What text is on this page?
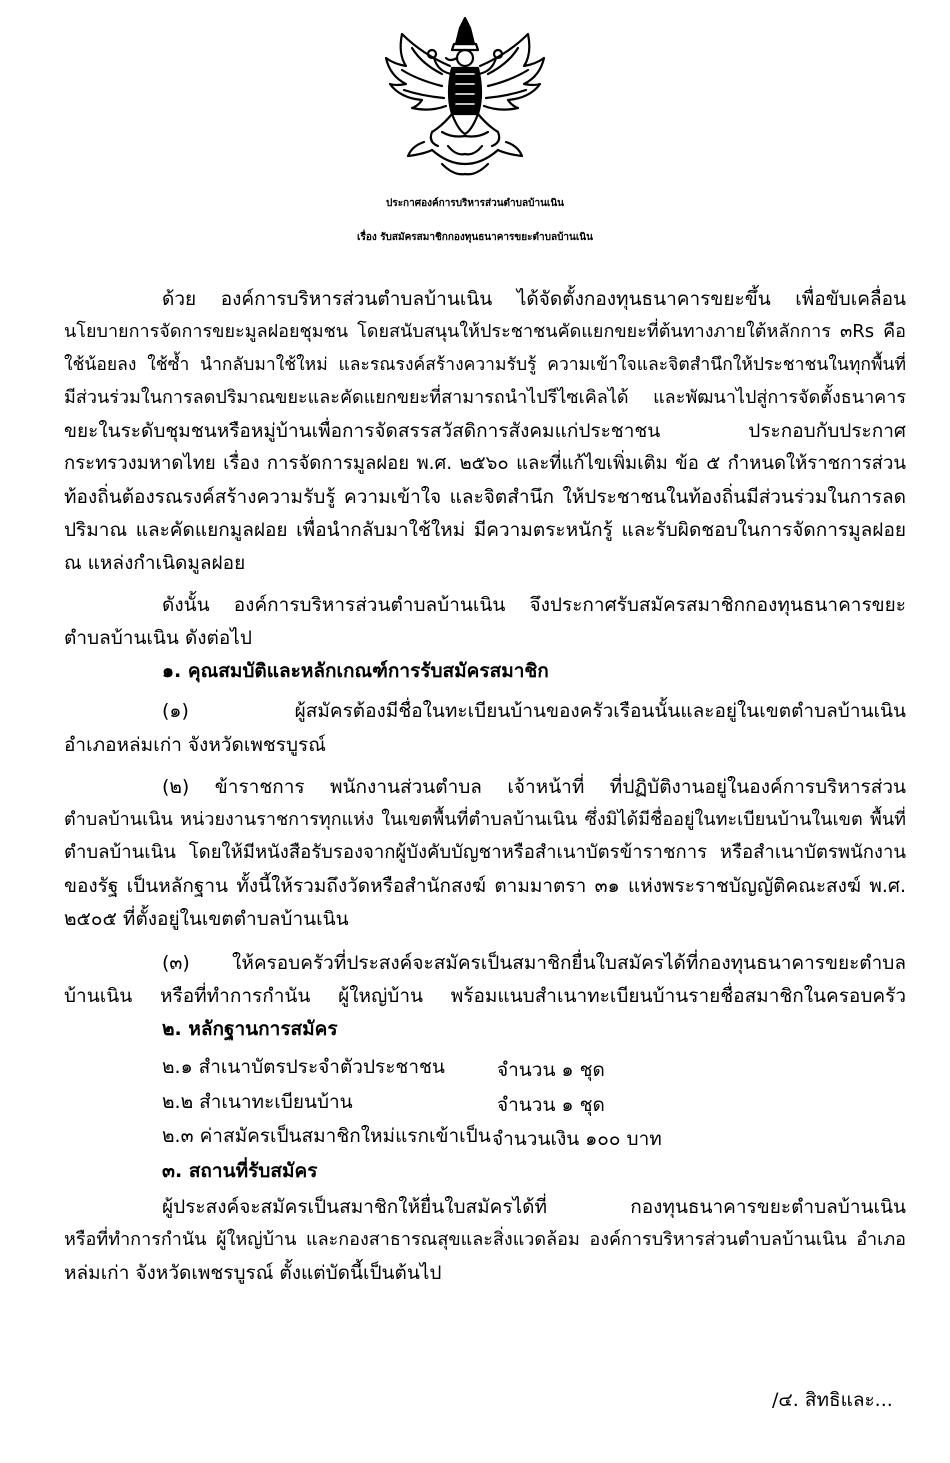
ประกาศองค์การบริหารส่วนตำบลบ้านเนิน
เรื่อง รับสมัครสมาชิกกองทุนธนาคารขยะตำบลบ้านเนิน
ด้วย องค์การบริหารส่วนตำบลบ้านเนิน ได้จัดตั้งกองทุนธนาคารขยะขึ้น เพื่อขับเคลื่อน
นโยบายการจัดการขยะมูลฝอยชุมชน โดยสนับสนุนให้ประชาชนคัดแยกขยะที่ต้นทางภายใต้หลักการ ๓Rs คือ
ใช้น้อยลง ใช้ซ้ำ นำกลับมาใช้ใหม่ และรณรงค์สร้างความรับรู้ ความเข้าใจและจิตสำนึกให้ประชาชนในทุกพื้นที่
มีส่วนร่วมในการลดปริมาณขยะและคัดแยกขยะที่สามารถนำไปรีไซเคิลได้ และพัฒนาไปสู่การจัดตั้งธนาคาร
ขยะในระดับชุมชนหรือหมู่บ้านเพื่อการจัดสรรสวัสดิการสังคมแก่ประชาชน ประกอบกับประกาศ
กระทรวงมหาดไทย เรื่อง การจัดการมูลฝอย พ.ศ. ๒๕๖๐ และที่แก้ไขเพิ่มเติม ข้อ ๕ กำหนดให้ราชการส่วน
ท้องถิ่นต้องรณรงค์สร้างความรับรู้ ความเข้าใจ และจิตสำนึก ให้ประชาชนในท้องถิ่นมีส่วนร่วมในการลด
ปริมาณ และคัดแยกมูลฝอย เพื่อนำกลับมาใช้ใหม่ มีความตระหนักรู้ และรับผิดชอบในการจัดการมูลฝอย
ณ แหล่งกำเนิดมูลฝอย
ดังนั้น องค์การบริหารส่วนตำบลบ้านเนิน จึงประกาศรับสมัครสมาชิกกองทุนธนาคารขยะ
ตำบลบ้านเนิน ดังต่อไป
๑. คุณสมบัติและหลักเกณฑ์การรับสมัครสมาชิก
(๑) ผู้สมัครต้องมีชื่อในทะเบียนบ้านของครัวเรือนนั้นและอยู่ในเขตตำบลบ้านเนิน
อำเภอหล่มเก่า จังหวัดเพชรบูรณ์
(๒) ข้าราชการ พนักงานส่วนตำบล เจ้าหน้าที่ ที่ปฏิบัติงานอยู่ในองค์การบริหารส่วน
ตำบลบ้านเนิน หน่วยงานราชการทุกแห่ง ในเขตพื้นที่ตำบลบ้านเนิน ซึ่งมิได้มีชื่ออยู่ในทะเบียนบ้านในเขต พื้นที่
ตำบลบ้านเนิน โดยให้มีหนังสือรับรองจากผู้บังคับบัญชาหรือสำเนาบัตรข้าราชการ หรือสำเนาบัตรพนักงาน
ของรัฐ เป็นหลักฐาน ทั้งนี้ให้รวมถึงวัดหรือสำนักสงฆ์ ตามมาตรา ๓๑ แห่งพระราชบัญญัติคณะสงฆ์ พ.ศ.
๒๕๐๕ ที่ตั้งอยู่ในเขตตำบลบ้านเนิน
(๓) ให้ครอบครัวที่ประสงค์จะสมัครเป็นสมาชิกยื่นใบสมัครได้ที่กองทุนธนาคารขยะตำบล
บ้านเนิน หรือที่ทำการกำนัน ผู้ใหญ่บ้าน พร้อมแนบสำเนาทะเบียนบ้านรายชื่อสมาชิกในครอบครัว
๒. หลักฐานการสมัคร
๒.๑ สำเนาบัตรประจำตัวประชาชน	จำนวน ๑ ชุด
๒.๒ สำเนาทะเบียนบ้าน	จำนวน ๑ ชุด
๒.๓ ค่าสมัครเป็นสมาชิกใหม่แรกเข้าเป็น จำนวนเงิน ๑๐๐ บาท
๓. สถานที่รับสมัคร
ผู้ประสงค์จะสมัครเป็นสมาชิกให้ยื่นใบสมัครได้ที่ กองทุนธนาคารขยะตำบลบ้านเนิน
หรือที่ทำการกำนัน ผู้ใหญ่บ้าน และกองสาธารณสุขและสิ่งแวดล้อม องค์การบริหารส่วนตำบลบ้านเนิน อำเภอ
หล่มเก่า จังหวัดเพชรบูรณ์ ตั้งแต่บัดนี้เป็นต้นไป
/๔. สิทธิและ...
